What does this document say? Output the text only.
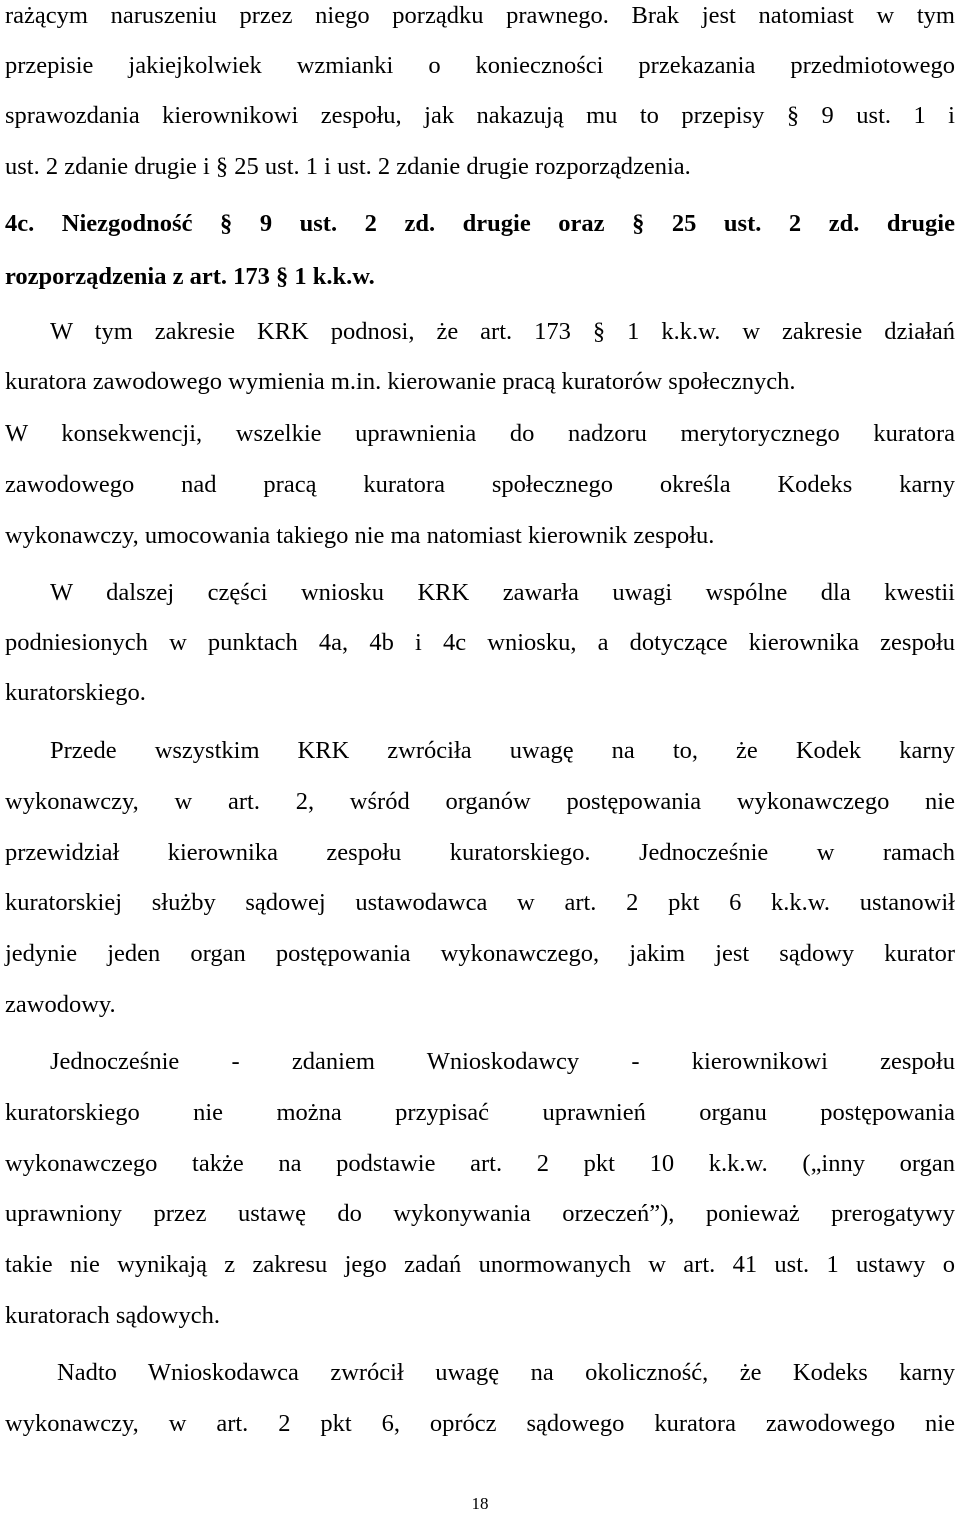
rażącym naruszeniu przez niego porządku prawnego. Brak jest natomiast w tym
przepisie jakiejkolwiek wzmianki o konieczności przekazania przedmiotowego
sprawozdania kierownikowi zespołu, jak nakazują mu to przepisy § 9 ust. 1 i
ust. 2 zdanie drugie i § 25 ust. 1 i ust. 2 zdanie drugie rozporządzenia.
4c. Niezgodność § 9 ust. 2 zd. drugie oraz § 25 ust. 2 zd. drugie
rozporządzenia z art. 173 § 1 k.k.w.
W tym zakresie KRK podnosi, że art. 173 § 1 k.k.w. w zakresie działań
kuratora zawodowego wymienia m.in. kierowanie pracą kuratorów społecznych.
W konsekwencji, wszelkie uprawnienia do nadzoru merytorycznego kuratora
zawodowego nad pracą kuratora społecznego określa Kodeks karny
wykonawczy, umocowania takiego nie ma natomiast kierownik zespołu.
W dalszej części wniosku KRK zawarła uwagi wspólne dla kwestii
podniesionych w punktach 4a, 4b i 4c wniosku, a dotyczące kierownika zespołu
kuratorskiego.
Przede wszystkim KRK zwróciła uwagę na to, że Kodek karny
wykonawczy, w art. 2, wśród organów postępowania wykonawczego nie
przewidział kierownika zespołu kuratorskiego. Jednocześnie w ramach
kuratorskiej służby sądowej ustawodawca w art. 2 pkt 6 k.k.w. ustanowił
jedynie jeden organ postępowania wykonawczego, jakim jest sądowy kurator
zawodowy.
Jednocześnie - zdaniem Wnioskodawcy - kierownikowi zespołu
kuratorskiego nie można przypisać uprawnień organu postępowania
wykonawczego także na podstawie art. 2 pkt 10 k.k.w. („inny organ
uprawniony przez ustawę do wykonywania orzeczeń”), ponieważ prerogatywy
takie nie wynikają z zakresu jego zadań unormowanych w art. 41 ust. 1 ustawy o
kuratorach sądowych.
Nadto Wnioskodawca zwrócił uwagę na okoliczność, że Kodeks karny
wykonawczy, w art. 2 pkt 6, oprócz sądowego kuratora zawodowego nie
18
